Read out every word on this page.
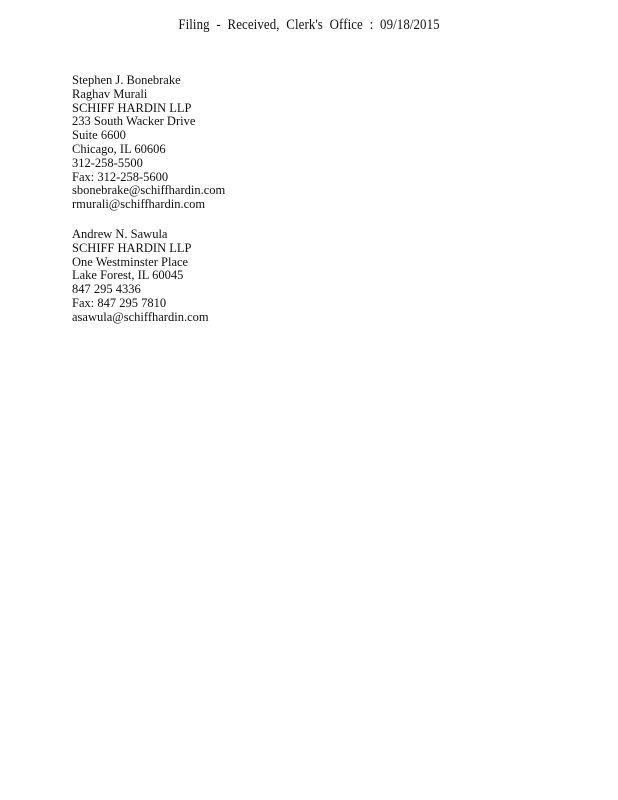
Filing - Received, Clerk's Office : 09/18/2015
Stephen J. Bonebrake
Raghav Murali
SCHIFF HARDIN LLP
233 South Wacker Drive
Suite 6600
Chicago, IL 60606
312-258-5500
Fax: 312-258-5600
sbonebrake@schiffhardin.com
rmurali@schiffhardin.com
Andrew N. Sawula
SCHIFF HARDIN LLP
One Westminster Place
Lake Forest, IL 60045
847 295 4336
Fax: 847 295 7810
asawula@schiffhardin.com
